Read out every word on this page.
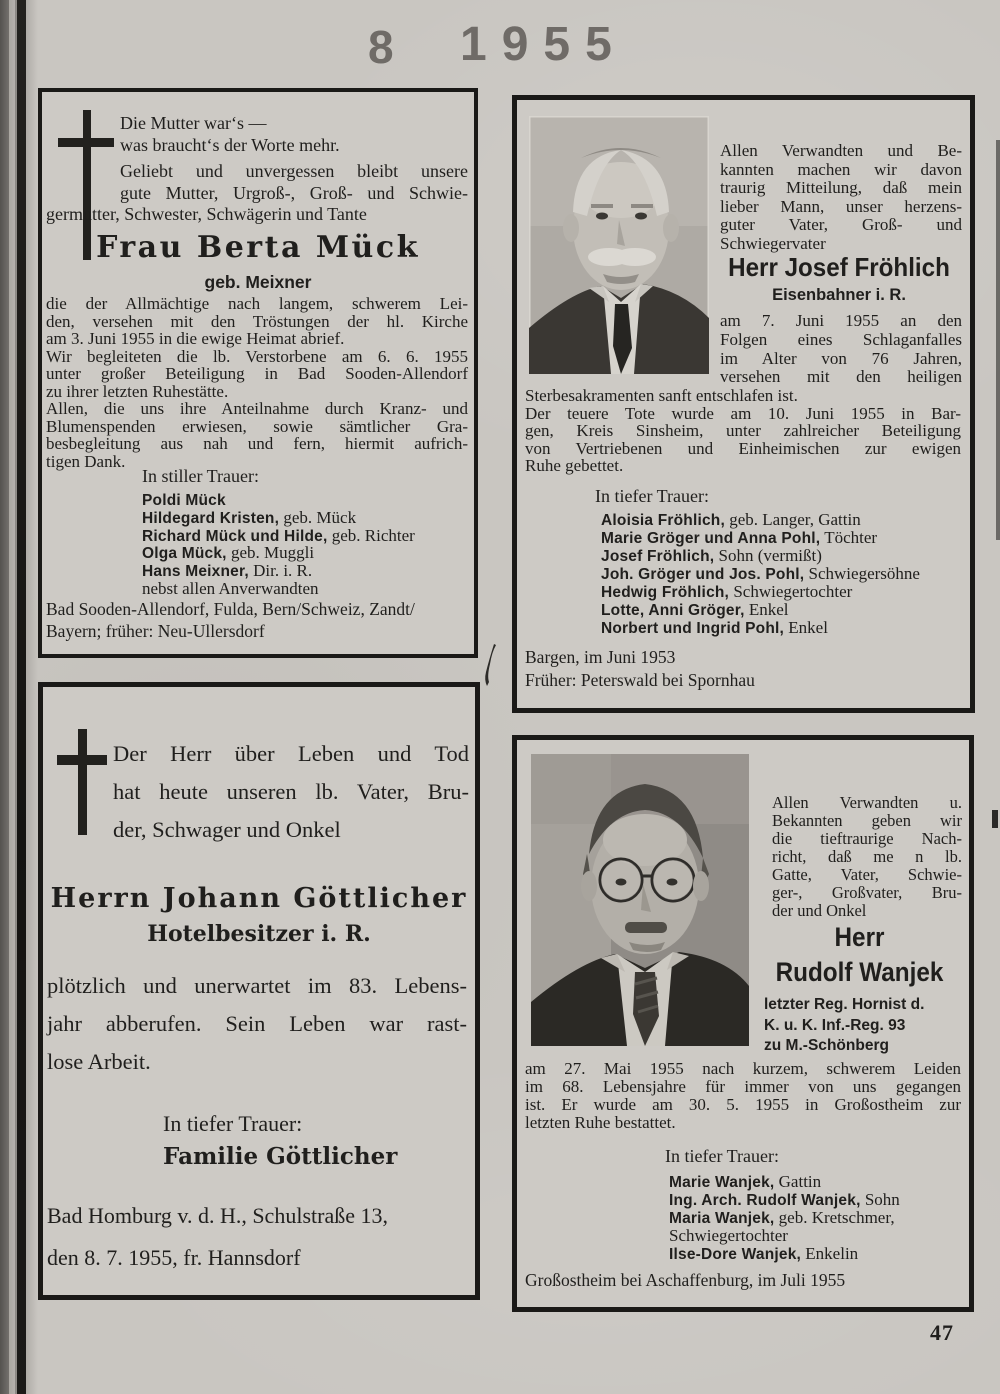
8 1955
Die Mutter war‘s —
was braucht‘s der Worte mehr.
Geliebt und unvergessen bleibt unsere
gute Mutter, Urgroß-, Groß- und Schwie-
germutter, Schwester, Schwägerin und Tante
Frau Berta Mück
geb. Meixner
die der Allmächtige nach langem, schwerem Lei-
den, versehen mit den Tröstungen der hl. Kirche
am 3. Juni 1955 in die ewige Heimat abrief.
Wir begleiteten die lb. Verstorbene am 6. 6. 1955
unter großer Beteiligung in Bad Sooden-Allendorf
zu ihrer letzten Ruhestätte.
Allen, die uns ihre Anteilnahme durch Kranz- und
Blumenspenden erwiesen, sowie sämtlicher Gra-
besbegleitung aus nah und fern, hiermit aufrich-
tigen Dank.
In stiller Trauer:
Poldi Mück
Hildegard Kristen, geb. Mück
Richard Mück und Hilde, geb. Richter
Olga Mück, geb. Muggli
Hans Meixner, Dir. i. R.
nebst allen Anverwandten
Bad Sooden-Allendorf, Fulda, Bern/Schweiz, Zandt/
Bayern; früher: Neu-Ullersdorf
Allen Verwandten und Be-
kannten machen wir davon
traurig Mitteilung, daß mein
lieber Mann, unser herzens-
guter Vater, Groß- und
Schwiegervater
Herr Josef Fröhlich
Eisenbahner i. R.
am 7. Juni 1955 an den
Folgen eines Schlaganfalles
im Alter von 76 Jahren,
versehen mit den heiligen
Sterbesakramenten sanft entschlafen ist.
Der teuere Tote wurde am 10. Juni 1955 in Bar-
gen, Kreis Sinsheim, unter zahlreicher Beteiligung
von Vertriebenen und Einheimischen zur ewigen
Ruhe gebettet.
In tiefer Trauer:
Aloisia Fröhlich, geb. Langer, Gattin
Marie Gröger und Anna Pohl, Töchter
Josef Fröhlich, Sohn (vermißt)
Joh. Gröger und Jos. Pohl, Schwiegersöhne
Hedwig Fröhlich, Schwiegertochter
Lotte, Anni Gröger, Enkel
Norbert und Ingrid Pohl, Enkel
Bargen, im Juni 1953
Früher: Peterswald bei Spornhau
Der Herr über Leben und Tod
hat heute unseren lb. Vater, Bru-
der, Schwager und Onkel
Herrn Johann Göttlicher
Hotelbesitzer i. R.
plötzlich und unerwartet im 83. Lebens-
jahr abberufen. Sein Leben war rast-
lose Arbeit.
In tiefer Trauer:
Familie Göttlicher
Bad Homburg v. d. H., Schulstraße 13,
den 8. 7. 1955, fr. Hannsdorf
Allen Verwandten u.
Bekannten geben wir
die tieftraurige Nach-
richt, daß me n lb.
Gatte, Vater, Schwie-
ger-, Großvater, Bru-
der und Onkel
Herr
Rudolf Wanjek
letzter Reg. Hornist d.
K. u. K. Inf.-Reg. 93
zu M.-Schönberg
am 27. Mai 1955 nach kurzem, schwerem Leiden
im 68. Lebensjahre für immer von uns gegangen
ist. Er wurde am 30. 5. 1955 in Großostheim zur
letzten Ruhe bestattet.
In tiefer Trauer:
Marie Wanjek, Gattin
Ing. Arch. Rudolf Wanjek, Sohn
Maria Wanjek, geb. Kretschmer,
Schwiegertochter
Ilse-Dore Wanjek, Enkelin
Großostheim bei Aschaffenburg, im Juli 1955
47
